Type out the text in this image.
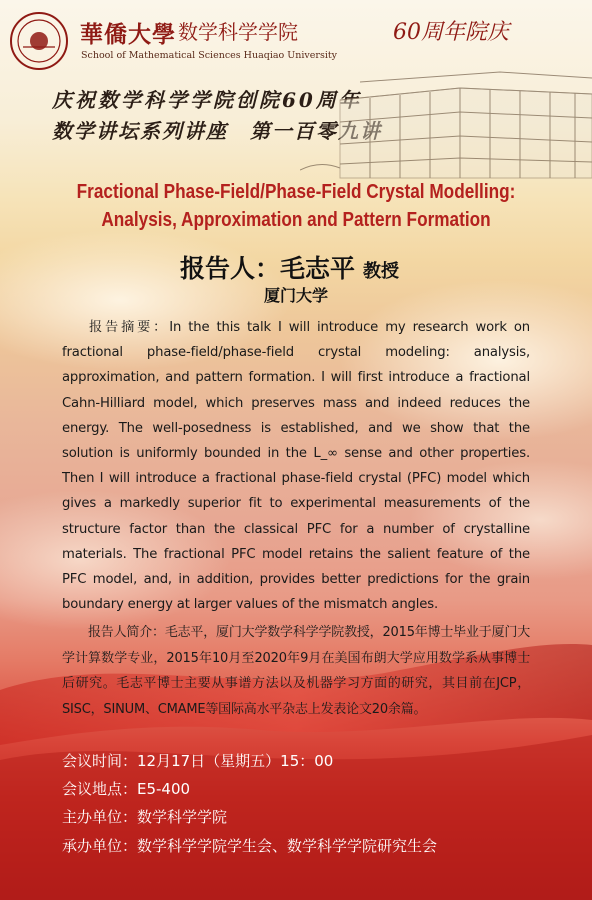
華僑大學 数学科学学院	60周年院庆
School of Mathematical Sciences Huaqiao University
庆祝数学科学学院创院60周年
数学讲坛系列讲座　第一百零九讲
Fractional Phase-Field/Phase-Field Crystal Modelling:
Analysis, Approximation and Pattern Formation
报告人：毛志平 教授
厦门大学
报告摘要：In the this talk I will introduce my research work on fractional phase-field/phase-field crystal modeling: analysis, approximation, and pattern formation. I will first introduce a fractional Cahn-Hilliard model, which preserves mass and indeed reduces the energy. The well-posedness is established, and we show that the solution is uniformly bounded in the L_∞ sense and other properties. Then I will introduce a fractional phase-field crystal (PFC) model which gives a markedly superior fit to experimental measurements of the structure factor than the classical PFC for a number of crystalline materials. The fractional PFC model retains the salient feature of the PFC model, and, in addition, provides better predictions for the grain boundary energy at larger values of the mismatch angles.
报告人简介：毛志平，厦门大学数学科学学院教授，2015年博士毕业于厦门大学计算数学专业，2015年10月至2020年9月在美国布朗大学应用数学系从事博士后研究。毛志平博士主要从事谱方法以及机器学习方面的研究，其目前在JCP，SISC，SINUM、CMAME等国际高水平杂志上发表论文20余篇。
会议时间：12月17日（星期五）15：00
会议地点：E5-400
主办单位：数学科学学院
承办单位：数学科学学院学生会、数学科学学院研究生会
